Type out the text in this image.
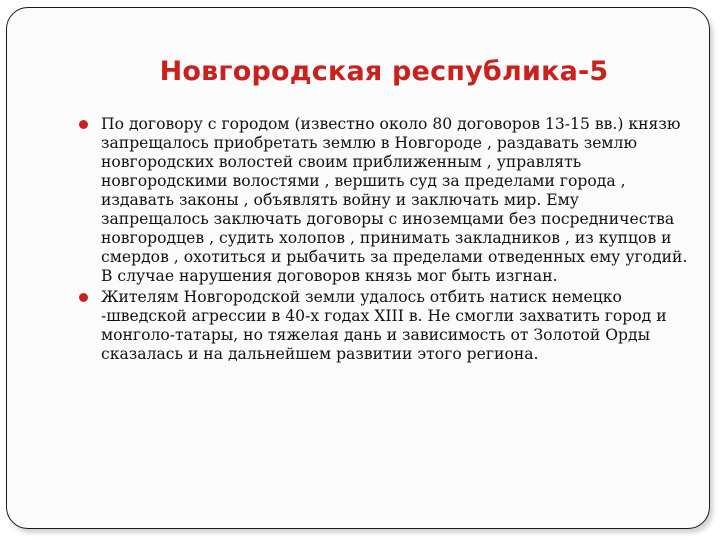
Новгородская республика-5
По договору с городом (известно около 80 договоров 13-15 вв.) князю запрещалось приобретать землю в Новгороде , раздавать землю новгородских волостей своим приближенным , управлять новгородскими волостями , вершить суд за пределами города , издавать законы , объявлять войну и заключать мир. Ему запрещалось заключать договоры с иноземцами без посредничества новгородцев , судить холопов , принимать закладников , из купцов и смердов , охотиться и рыбачить за пределами отведенных ему угодий. В случае нарушения договоров князь мог быть изгнан.
Жителям Новгородской земли удалось отбить натиск немецко -шведской агрессии в 40-х годах XIII в. Не смогли захватить город и монголо-татары, но тяжелая дань и зависимость от Золотой Орды сказалась и на дальнейшем развитии этого региона.
